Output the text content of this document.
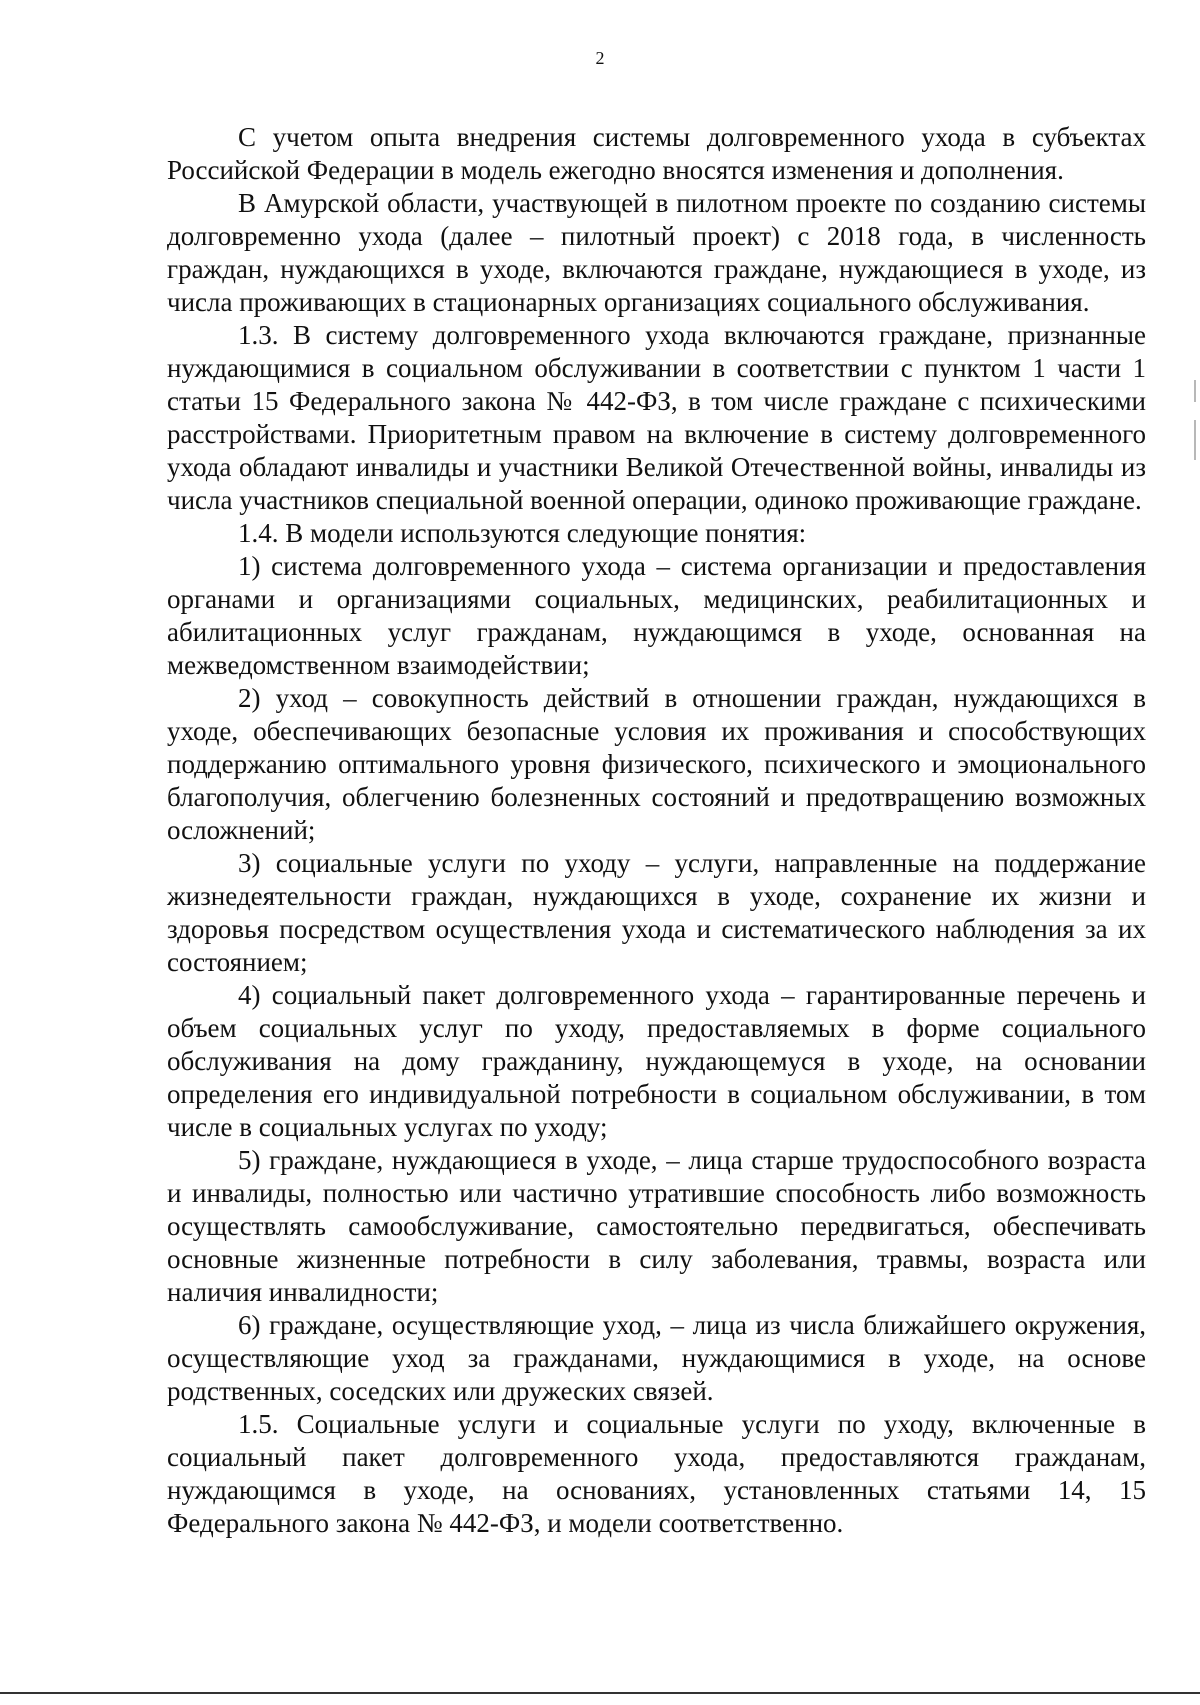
2

С учетом опыта внедрения системы долговременного ухода в субъектах Российской Федерации в модель ежегодно вносятся изменения и дополнения.

В Амурской области, участвующей в пилотном проекте по созданию системы долговременно ухода (далее – пилотный проект) с 2018 года, в численность граждан, нуждающихся в уходе, включаются граждане, нуждающиеся в уходе, из числа проживающих в стационарных организациях социального обслуживания.

1.3. В систему долговременного ухода включаются граждане, признанные нуждающимися в социальном обслуживании в соответствии с пунктом 1 части 1 статьи 15 Федерального закона № 442-ФЗ, в том числе граждане с психическими расстройствами. Приоритетным правом на включение в систему долговременного ухода обладают инвалиды и участники Великой Отечественной войны, инвалиды из числа участников специальной военной операции, одиноко проживающие граждане.

1.4. В модели используются следующие понятия:

1) система долговременного ухода – система организации и предоставления органами и организациями социальных, медицинских, реабилитационных и абилитационных услуг гражданам, нуждающимся в уходе, основанная на межведомственном взаимодействии;

2) уход – совокупность действий в отношении граждан, нуждающихся в уходе, обеспечивающих безопасные условия их проживания и способствующих поддержанию оптимального уровня физического, психического и эмоционального благополучия, облегчению болезненных состояний и предотвращению возможных осложнений;

3) социальные услуги по уходу – услуги, направленные на поддержание жизнедеятельности граждан, нуждающихся в уходе, сохранение их жизни и здоровья посредством осуществления ухода и систематического наблюдения за их состоянием;

4) социальный пакет долговременного ухода – гарантированные перечень и объем социальных услуг по уходу, предоставляемых в форме социального обслуживания на дому гражданину, нуждающемуся в уходе, на основании определения его индивидуальной потребности в социальном обслуживании, в том числе в социальных услугах по уходу;

5) граждане, нуждающиеся в уходе, – лица старше трудоспособного возраста и инвалиды, полностью или частично утратившие способность либо возможность осуществлять самообслуживание, самостоятельно передвигаться, обеспечивать основные жизненные потребности в силу заболевания, травмы, возраста или наличия инвалидности;

6) граждане, осуществляющие уход, – лица из числа ближайшего окружения, осуществляющие уход за гражданами, нуждающимися в уходе, на основе родственных, соседских или дружеских связей.

1.5. Социальные услуги и социальные услуги по уходу, включенные в социальный пакет долговременного ухода, предоставляются гражданам, нуждающимся в уходе, на основаниях, установленных статьями 14, 15 Федерального закона № 442-ФЗ, и модели соответственно.
